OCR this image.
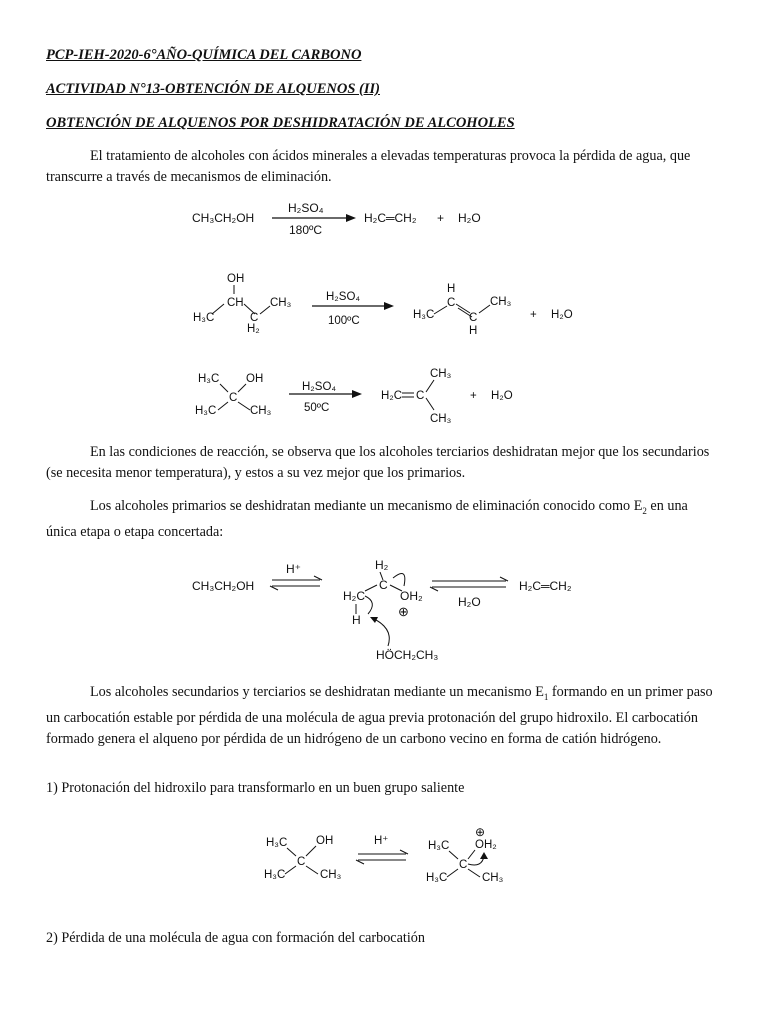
PCP-IEH-2020-6°AÑO-QUÍMICA DEL CARBONO
ACTIVIDAD N°13-OBTENCIÓN DE ALQUENOS (II)
OBTENCIÓN DE ALQUENOS POR DESHIDRATACIÓN DE ALCOHOLES

El tratamiento de alcoholes con ácidos minerales a elevadas temperaturas provoca la pérdida de agua, que transcurre a través de mecanismos de eliminación.

CH₃CH₂OH
H₂SO₄
180ºC
H₂C═CH₂ + H₂O
OH
CH
H₃C	C
CH₃
H₂
H₂SO₄
100ºC	H₃C
H
C
C
CH₃
H
+ H₂O
H₃C OH
C
H₃C	CH₃
H₂SO₄
50ºC
H₂C C
CH₃
CH₃
+ H₂O

En las condiciones de reacción, se observa que los alcoholes terciarios deshidratan mejor que los secundarios (se necesita menor temperatura), y estos a su vez mejor que los primarios.

Los alcoholes primarios se deshidratan mediante un mecanismo de eliminación conocido como $E_2$ en una única etapa o etapa concertada:

CH₃CH₂OH
H⁺	H₂
C
H₂C	OH₂
⊕
H
HÖCH₂CH₃
H₂O
H₂C═CH₂

Los alcoholes secundarios y terciarios se deshidratan mediante un mecanismo $E_1$ formando en un primer paso un carbocatión estable por pérdida de una molécula de agua previa protonación del grupo hidroxilo. El carbocatión formado genera el alqueno por pérdida de un hidrógeno de un carbono vecino en forma de catión hidrógeno.

1) Protonación del hidroxilo para transformarlo en un buen grupo saliente

H₃C OH
C
H₃C	CH₃
H⁺
⊕
H₃C OH₂
C
H₃C	CH₃

2) Pérdida de una molécula de agua con formación del carbocatión
